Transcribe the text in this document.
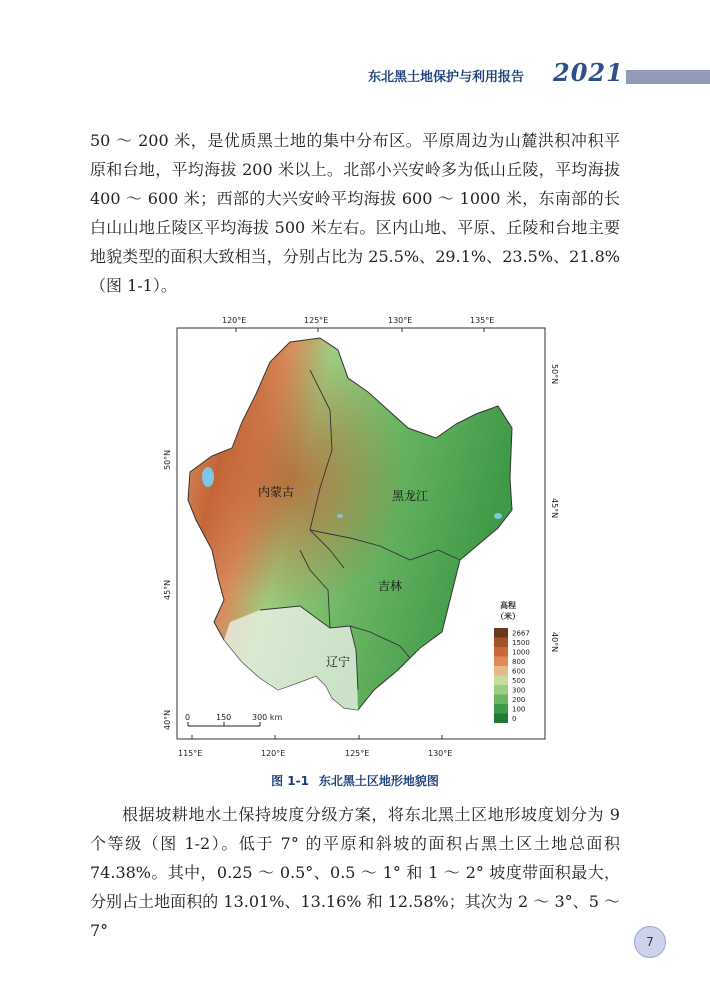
东北黑土地保护与利用报告 2021

50 ～ 200 米，是优质黑土地的集中分布区。平原周边为山麓洪积冲积平原和台地，平均海拔 200 米以上。北部小兴安岭多为低山丘陵，平均海拔 400 ～ 600 米；西部的大兴安岭平均海拔 600 ～ 1000 米，东南部的长白山山地丘陵区平均海拔 500 米左右。区内山地、平原、丘陵和台地主要地貌类型的面积大致相当，分别占比为 25.5%、29.1%、23.5%、21.8%（图 1-1）。

内蒙古	黑龙江
吉林
辽宁
120°E	125°E	130°E	135°E
115°E	120°E	125°E	130°E
50°N
45°N
40°N
50°N
45°N
40°N
0	150	300 km
高程
（米）
2667
1500
1000
800
600
500
300
200
100
0
图 1-1 东北黑土区地形地貌图

根据坡耕地水土保持坡度分级方案，将东北黑土区地形坡度划分为 9 个等级（图 1-2）。低于 7° 的平原和斜坡的面积占黑土区土地总面积 74.38%。其中，0.25 ～ 0.5°、0.5 ～ 1° 和 1 ～ 2° 坡度带面积最大，分别占土地面积的 13.01%、13.16% 和 12.58%；其次为 2 ～ 3°、5 ～ 7°

7
